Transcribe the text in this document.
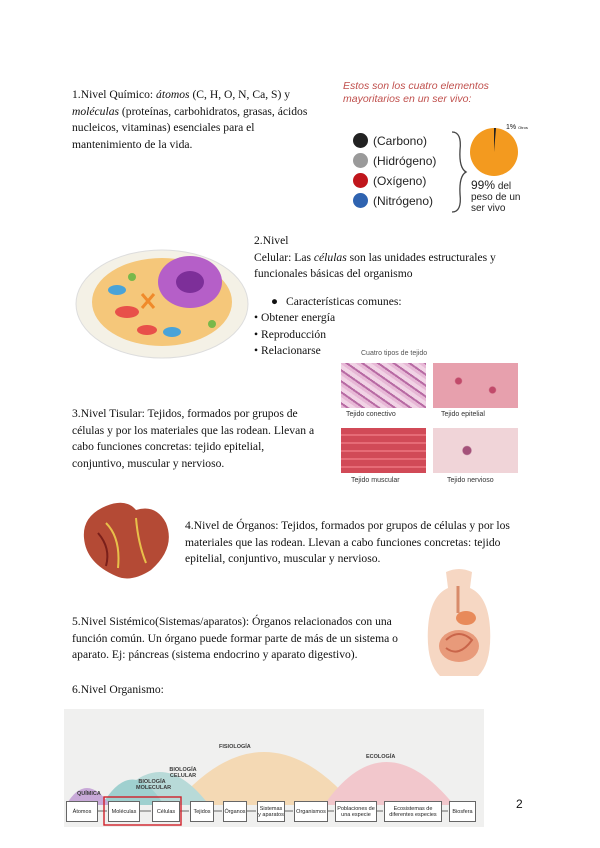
1.Nivel Químico: átomos (C, H, O, N, Ca, S) y
moléculas (proteínas, carbohidratos, grasas, ácidos
nucleicos, vitaminas) esenciales para el
mantenimiento de la vida.
Estos son los cuatro elementos
mayoritarios en un ser vivo:
(Carbono)
(Hidrógeno)
(Oxígeno)
(Nitrógeno)
1% Otros
99% del
peso de un
ser vivo
2.Nivel
Celular: Las células son las unidades estructurales y
funcionales básicas del organismo
● Características comunes:
• Obtener energía
• Reproducción
• Relacionarse	Cuatro tipos de tejido
Tejido conectivo	Tejido epitelial
Tejido muscular	Tejido nervioso
3.Nivel Tisular: Tejidos, formados por grupos de
células y por los materiales que las rodean. Llevan a
cabo funciones concretas: tejido epitelial,
conjuntivo, muscular y nervioso.
4.Nivel de Órganos: Tejidos, formados por grupos de células y por los
materiales que las rodean. Llevan a cabo funciones concretas: tejido
epitelial, conjuntivo, muscular y nervioso.
5.Nivel Sistémico(Sistemas/aparatos): Órganos relacionados con una
función común. Un órgano puede formar parte de más de un sistema o
aparato. Ej: páncreas (sistema endocrino y aparato digestivo).
6.Nivel Organismo:
FISIOLOGÍA
ECOLOGÍA
BIOLOGÍA CELULAR
BIOLOGÍA MOLECULAR
QUÍMICA
Átomos	Moléculas	Células	Tejidos	Órganos	Sistemas y aparatos	Organismos	Poblaciones de una especie
Ecosistemas de diferentes especies	Biosfera
2
